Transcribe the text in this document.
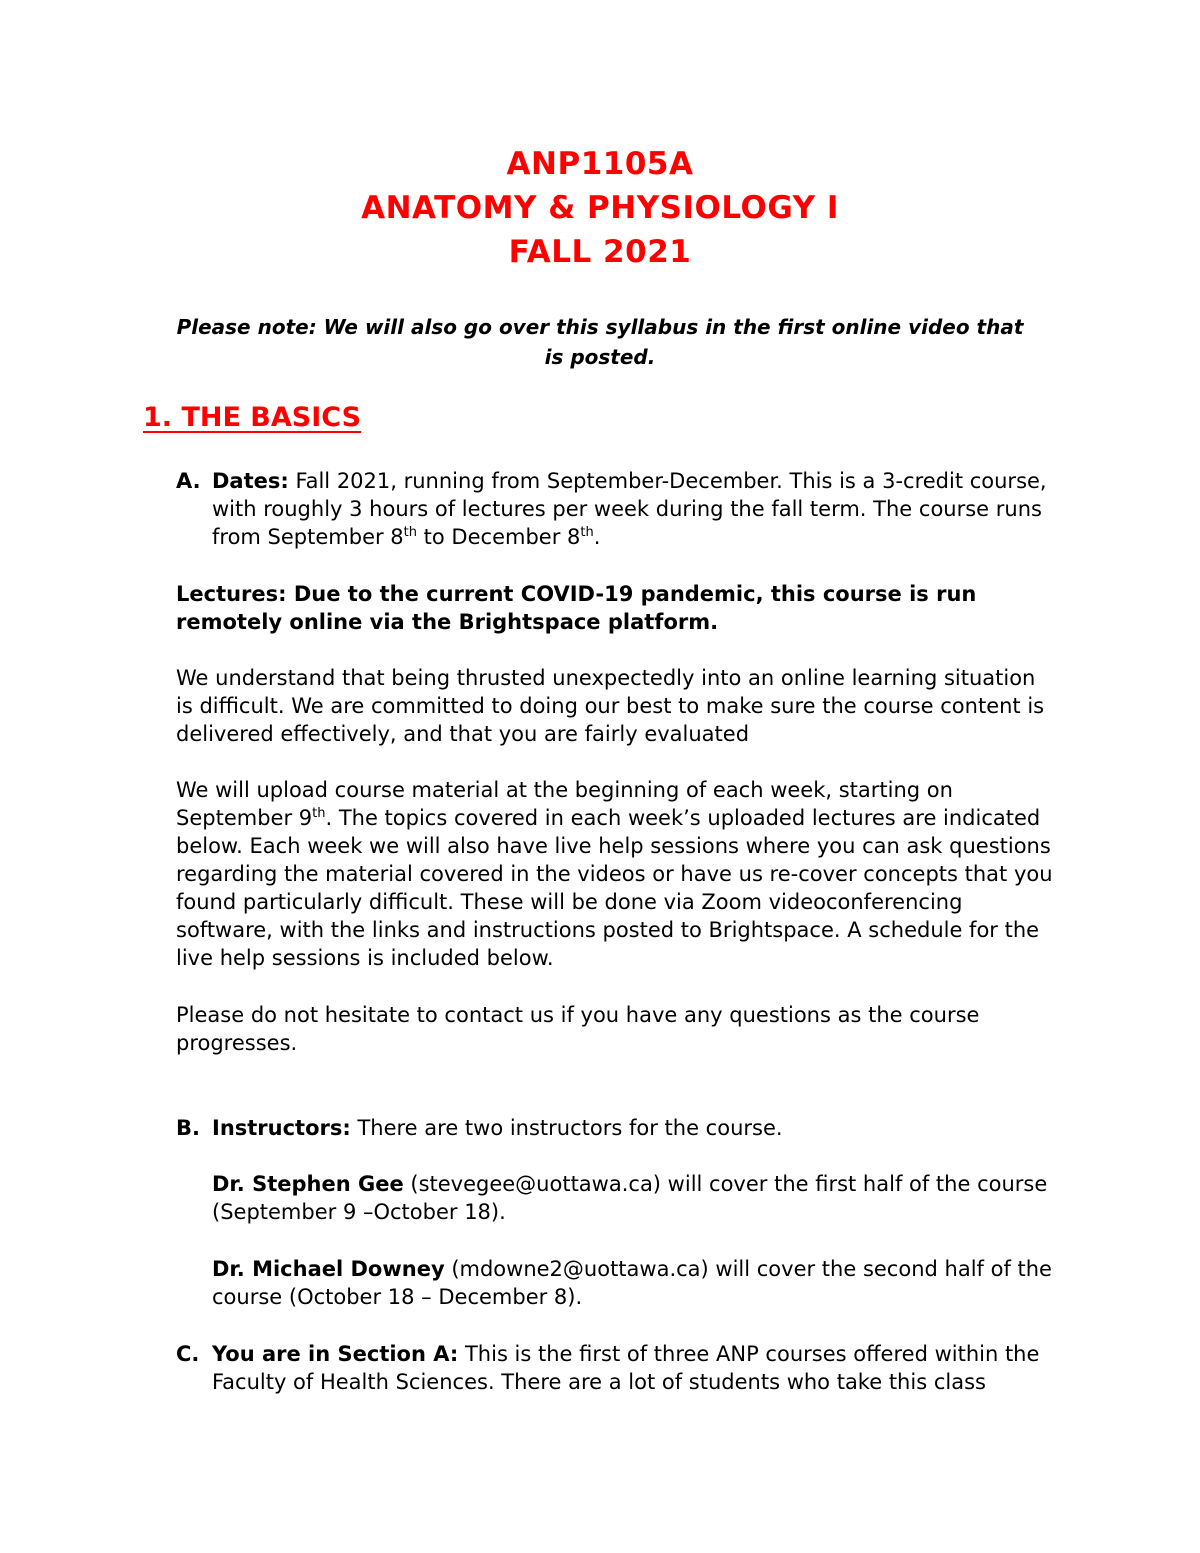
ANP1105A
ANATOMY & PHYSIOLOGY I
FALL 2021
Please note: We will also go over this syllabus in the first online video that is posted.
1. THE BASICS
A. Dates: Fall 2021, running from September-December. This is a 3-credit course, with roughly 3 hours of lectures per week during the fall term. The course runs from September 8th to December 8th.
Lectures: Due to the current COVID-19 pandemic, this course is run remotely online via the Brightspace platform.
We understand that being thrusted unexpectedly into an online learning situation is difficult. We are committed to doing our best to make sure the course content is delivered effectively, and that you are fairly evaluated
We will upload course material at the beginning of each week, starting on September 9th. The topics covered in each week’s uploaded lectures are indicated below. Each week we will also have live help sessions where you can ask questions regarding the material covered in the videos or have us re-cover concepts that you found particularly difficult. These will be done via Zoom videoconferencing software, with the links and instructions posted to Brightspace. A schedule for the live help sessions is included below.
Please do not hesitate to contact us if you have any questions as the course progresses.
B. Instructors: There are two instructors for the course.
Dr. Stephen Gee (stevegee@uottawa.ca) will cover the first half of the course (September 9 –October 18).
Dr. Michael Downey (mdowne2@uottawa.ca) will cover the second half of the course (October 18 – December 8).
C. You are in Section A: This is the first of three ANP courses offered within the Faculty of Health Sciences. There are a lot of students who take this class
